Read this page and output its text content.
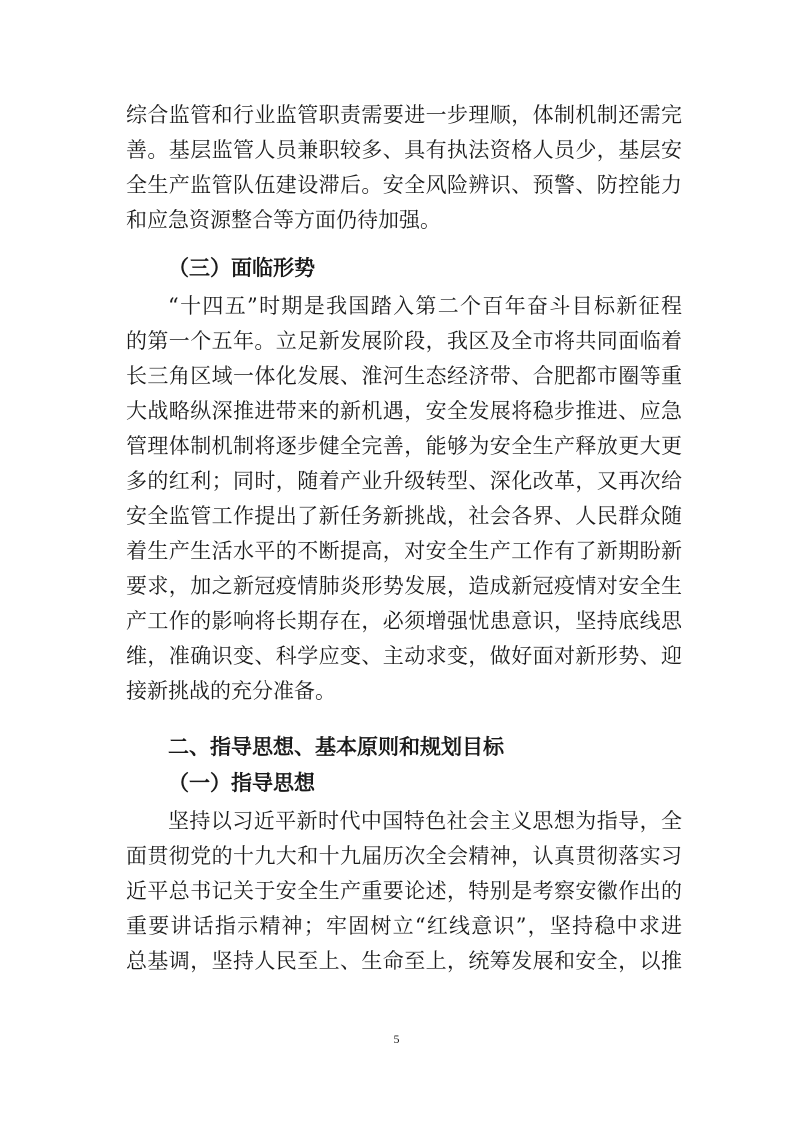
综合监管和行业监管职责需要进一步理顺，体制机制还需完
善。基层监管人员兼职较多、具有执法资格人员少，基层安
全生产监管队伍建设滞后。安全风险辨识、预警、防控能力
和应急资源整合等方面仍待加强。
（三）面临形势
“十四五”时期是我国踏入第二个百年奋斗目标新征程
的第一个五年。立足新发展阶段，我区及全市将共同面临着
长三角区域一体化发展、淮河生态经济带、合肥都市圈等重
大战略纵深推进带来的新机遇，安全发展将稳步推进、应急
管理体制机制将逐步健全完善，能够为安全生产释放更大更
多的红利；同时，随着产业升级转型、深化改革，又再次给
安全监管工作提出了新任务新挑战，社会各界、人民群众随
着生产生活水平的不断提高，对安全生产工作有了新期盼新
要求，加之新冠疫情肺炎形势发展，造成新冠疫情对安全生
产工作的影响将长期存在，必须增强忧患意识，坚持底线思
维，准确识变、科学应变、主动求变，做好面对新形势、迎
接新挑战的充分准备。
二、指导思想、基本原则和规划目标
（一）指导思想
坚持以习近平新时代中国特色社会主义思想为指导，全
面贯彻党的十九大和十九届历次全会精神，认真贯彻落实习
近平总书记关于安全生产重要论述，特别是考察安徽作出的
重要讲话指示精神；牢固树立“红线意识”，坚持稳中求进
总基调，坚持人民至上、生命至上，统筹发展和安全，以推
5
